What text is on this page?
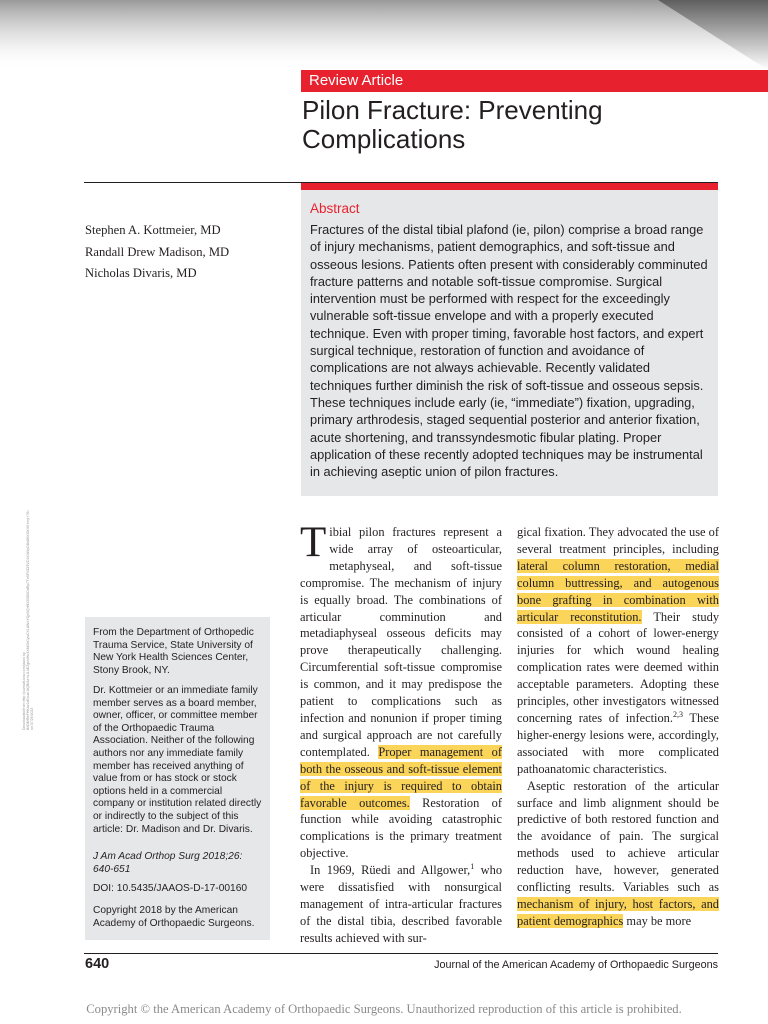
Review Article
Pilon Fracture: Preventing Complications
Stephen A. Kottmeier, MD
Randall Drew Madison, MD
Nicholas Divaris, MD
Abstract

Fractures of the distal tibial plafond (ie, pilon) comprise a broad range of injury mechanisms, patient demographics, and soft-tissue and osseous lesions. Patients often present with considerably comminuted fracture patterns and notable soft-tissue compromise. Surgical intervention must be performed with respect for the exceedingly vulnerable soft-tissue envelope and with a properly executed technique. Even with proper timing, favorable host factors, and expert surgical technique, restoration of function and avoidance of complications are not always achievable. Recently validated techniques further diminish the risk of soft-tissue and osseous sepsis. These techniques include early (ie, “immediate”) fixation, upgrading, primary arthrodesis, staged sequential posterior and anterior fixation, acute shortening, and transsyndesmotic fibular plating. Proper application of these recently adopted techniques may be instrumental in achieving aseptic union of pilon fractures.

Downloaded from http://journals.lww.com/jaaos by BhDMf5ePHKav1zEoum1tQfN4a+kJLhEZgbsIHo4XMi0hCywCX1AWnYQp/IlQrHD3i3D0OdRyi7TvSFl4Cf3VC4/OAVpDDa8KKGKV0Ymy+78= on 07/29/2023

From the Department of Orthopedic Trauma Service, State University of New York Health Sciences Center, Stony Brook, NY.

Dr. Kottmeier or an immediate family member serves as a board member, owner, officer, or committee member of the Orthopaedic Trauma Association. Neither of the following authors nor any immediate family member has received anything of value from or has stock or stock options held in a commercial company or institution related directly or indirectly to the subject of this article: Dr. Madison and Dr. Divaris.

J Am Acad Orthop Surg 2018;26: 640-651

DOI: 10.5435/JAAOS-D-17-00160

Copyright 2018 by the American Academy of Orthopaedic Surgeons.

Tibial pilon fractures represent a wide array of osteoarticular, metaphyseal, and soft-tissue compromise. The mechanism of injury is equally broad. The combinations of articular comminution and metadiaphyseal osseous deficits may prove therapeutically challenging. Circumferential soft-tissue compromise is common, and it may predispose the patient to complications such as infection and nonunion if proper timing and surgical approach are not carefully contemplated. Proper management of both the osseous and soft-tissue element of the injury is required to obtain favorable outcomes. Restoration of function while avoiding catastrophic complications is the primary treatment objective.

In 1969, Rüedi and Allgower,$^1$ who were dissatisfied with nonsurgical management of intra-articular fractures of the distal tibia, described favorable results achieved with sur-

gical fixation. They advocated the use of several treatment principles, including lateral column restoration, medial column buttressing, and autogenous bone grafting in combination with articular reconstitution. Their study consisted of a cohort of lower-energy injuries for which wound healing complication rates were deemed within acceptable parameters. Adopting these principles, other investigators witnessed concerning rates of infection.$^{2,3}$ These higher-energy lesions were, accordingly, associated with more complicated pathoanatomic characteristics.

Aseptic restoration of the articular surface and limb alignment should be predictive of both restored function and the avoidance of pain. The surgical methods used to achieve articular reduction have, however, generated conflicting results. Variables such as mechanism of injury, host factors, and patient demographics may be more

640	Journal of the American Academy of Orthopaedic Surgeons
Copyright © the American Academy of Orthopaedic Surgeons. Unauthorized reproduction of this article is prohibited.
